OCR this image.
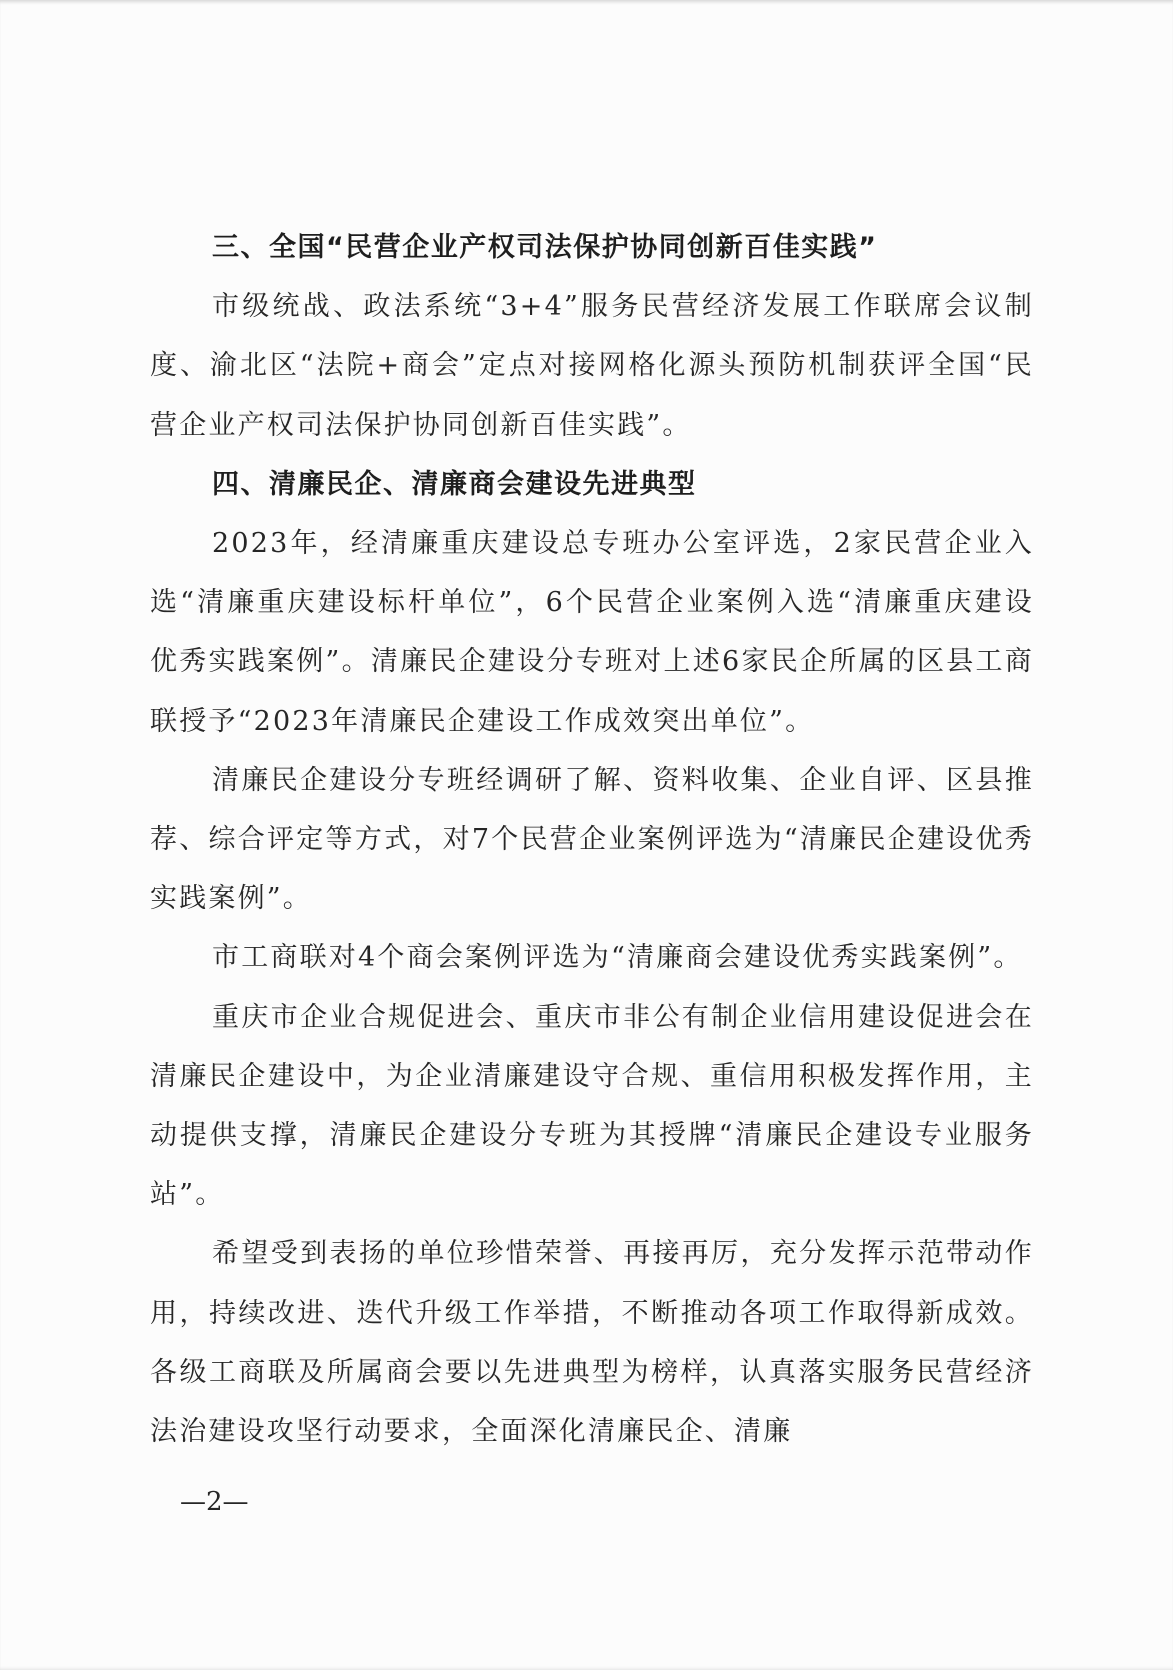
三、全国“民营企业产权司法保护协同创新百佳实践”

市级统战、政法系统“3+4”服务民营经济发展工作联席会议制度、渝北区“法院+商会”定点对接网格化源头预防机制获评全国“民营企业产权司法保护协同创新百佳实践”。

四、清廉民企、清廉商会建设先进典型

2023年，经清廉重庆建设总专班办公室评选，2家民营企业入选“清廉重庆建设标杆单位”，6个民营企业案例入选“清廉重庆建设优秀实践案例”。清廉民企建设分专班对上述6家民企所属的区县工商联授予“2023年清廉民企建设工作成效突出单位”。

清廉民企建设分专班经调研了解、资料收集、企业自评、区县推荐、综合评定等方式，对7个民营企业案例评选为“清廉民企建设优秀实践案例”。

市工商联对4个商会案例评选为“清廉商会建设优秀实践案例”。

重庆市企业合规促进会、重庆市非公有制企业信用建设促进会在清廉民企建设中，为企业清廉建设守合规、重信用积极发挥作用，主动提供支撑，清廉民企建设分专班为其授牌“清廉民企建设专业服务站”。

希望受到表扬的单位珍惜荣誉、再接再厉，充分发挥示范带动作用，持续改进、迭代升级工作举措，不断推动各项工作取得新成效。各级工商联及所属商会要以先进典型为榜样，认真落实服务民营经济法治建设攻坚行动要求，全面深化清廉民企、清廉

—2—
